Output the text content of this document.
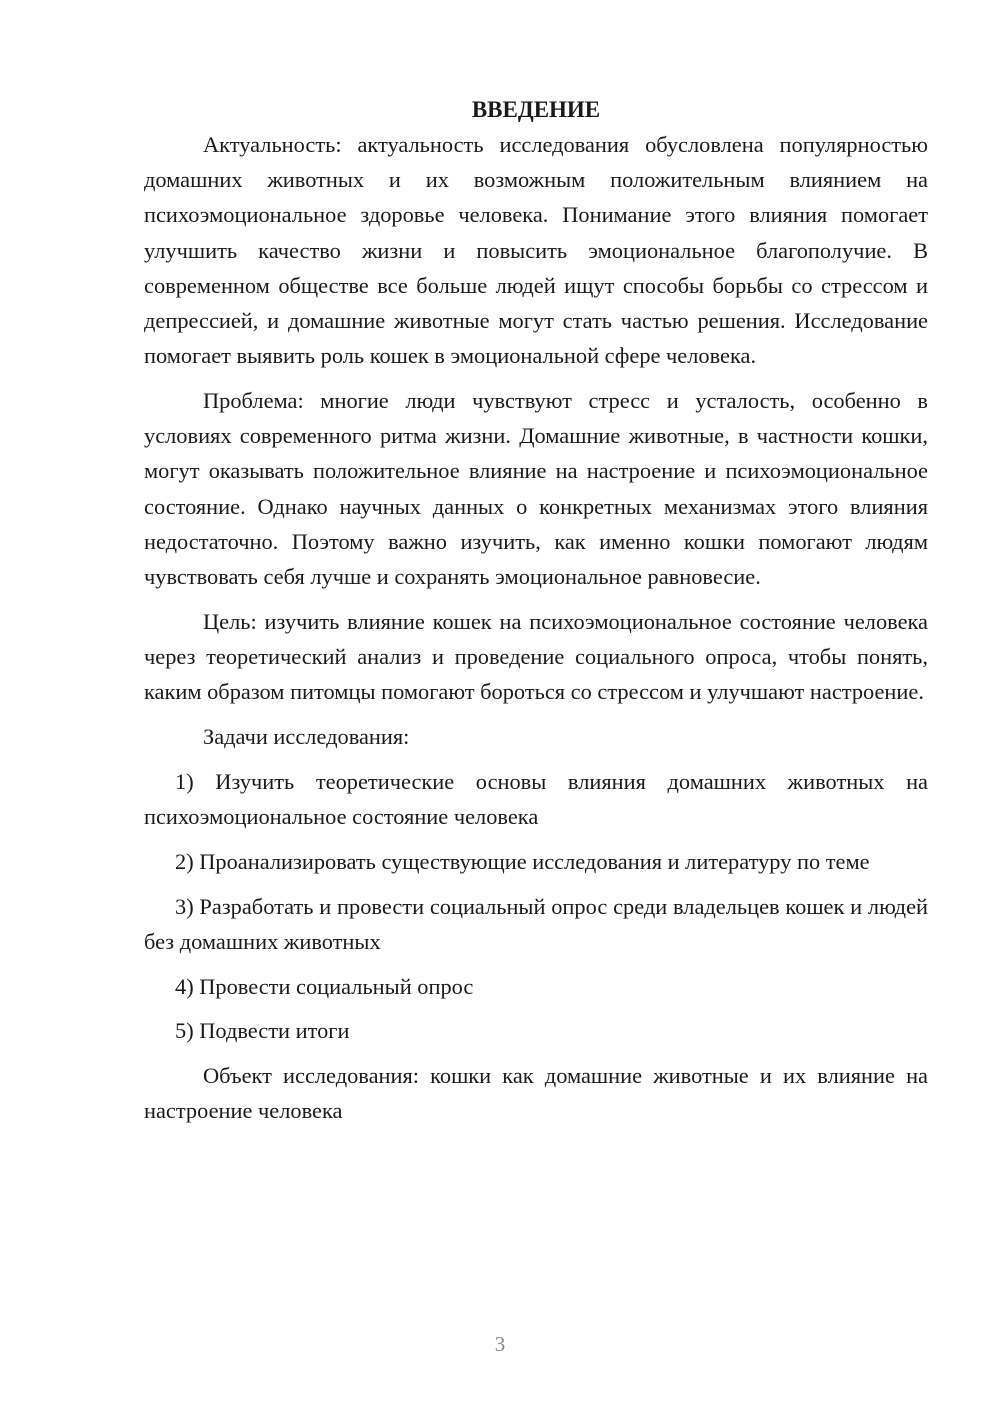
ВВЕДЕНИЕ

Актуальность: актуальность исследования обусловлена популярностью домашних животных и их возможным положительным влиянием на психоэмоциональное здоровье человека. Понимание этого влияния помогает улучшить качество жизни и повысить эмоциональное благополучие. В современном обществе все больше людей ищут способы борьбы со стрессом и депрессией, и домашние животные могут стать частью решения. Исследование помогает выявить роль кошек в эмоциональной сфере человека.

Проблема: многие люди чувствуют стресс и усталость, особенно в условиях современного ритма жизни. Домашние животные, в частности кошки, могут оказывать положительное влияние на настроение и психоэмоциональное состояние. Однако научных данных о конкретных механизмах этого влияния недостаточно. Поэтому важно изучить, как именно кошки помогают людям чувствовать себя лучше и сохранять эмоциональное равновесие.

Цель: изучить влияние кошек на психоэмоциональное состояние человека через теоретический анализ и проведение социального опроса, чтобы понять, каким образом питомцы помогают бороться со стрессом и улучшают настроение.

Задачи исследования:

1) Изучить теоретические основы влияния домашних животных на психоэмоциональное состояние человека

2) Проанализировать существующие исследования и литературу по теме

3) Разработать и провести социальный опрос среди владельцев кошек и людей без домашних животных

4) Провести социальный опрос

5) Подвести итоги

Объект исследования: кошки как домашние животные и их влияние на настроение человека

3
